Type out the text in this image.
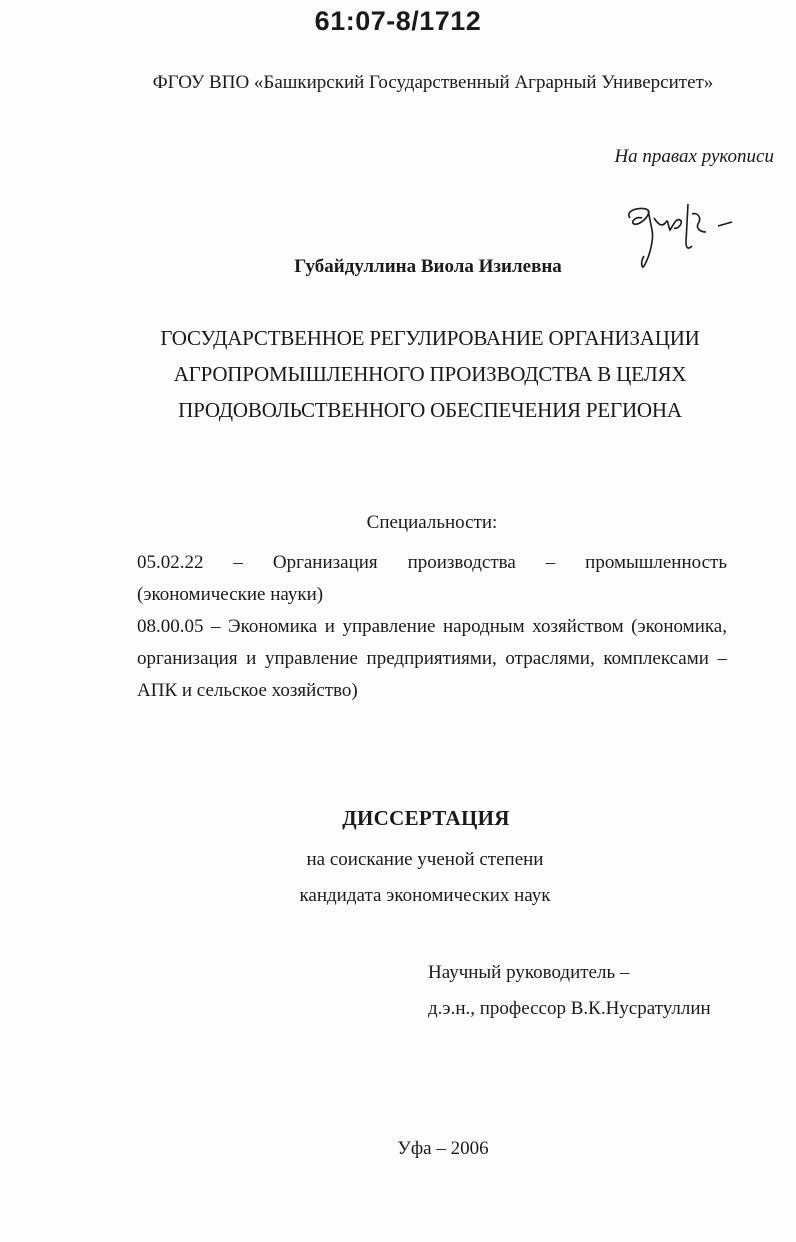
61:07-8/1712
ФГОУ ВПО «Башкирский Государственный Аграрный Университет»
На правах рукописи
Губайдуллина Виола Изилевна
ГОСУДАРСТВЕННОЕ РЕГУЛИРОВАНИЕ ОРГАНИЗАЦИИ
АГРОПРОМЫШЛЕННОГО ПРОИЗВОДСТВА В ЦЕЛЯХ
ПРОДОВОЛЬСТВЕННОГО ОБЕСПЕЧЕНИЯ РЕГИОНА
Специальности:

05.02.22 – Организация производства – промышленность (экономические науки)

08.00.05 – Экономика и управление народным хозяйством (экономика, организация и управление предприятиями, отраслями, комплексами – АПК и сельское хозяйство)

ДИССЕРТАЦИЯ
на соискание ученой степени
кандидата экономических наук
Научный руководитель –
д.э.н., профессор В.К.Нусратуллин
Уфа – 2006
